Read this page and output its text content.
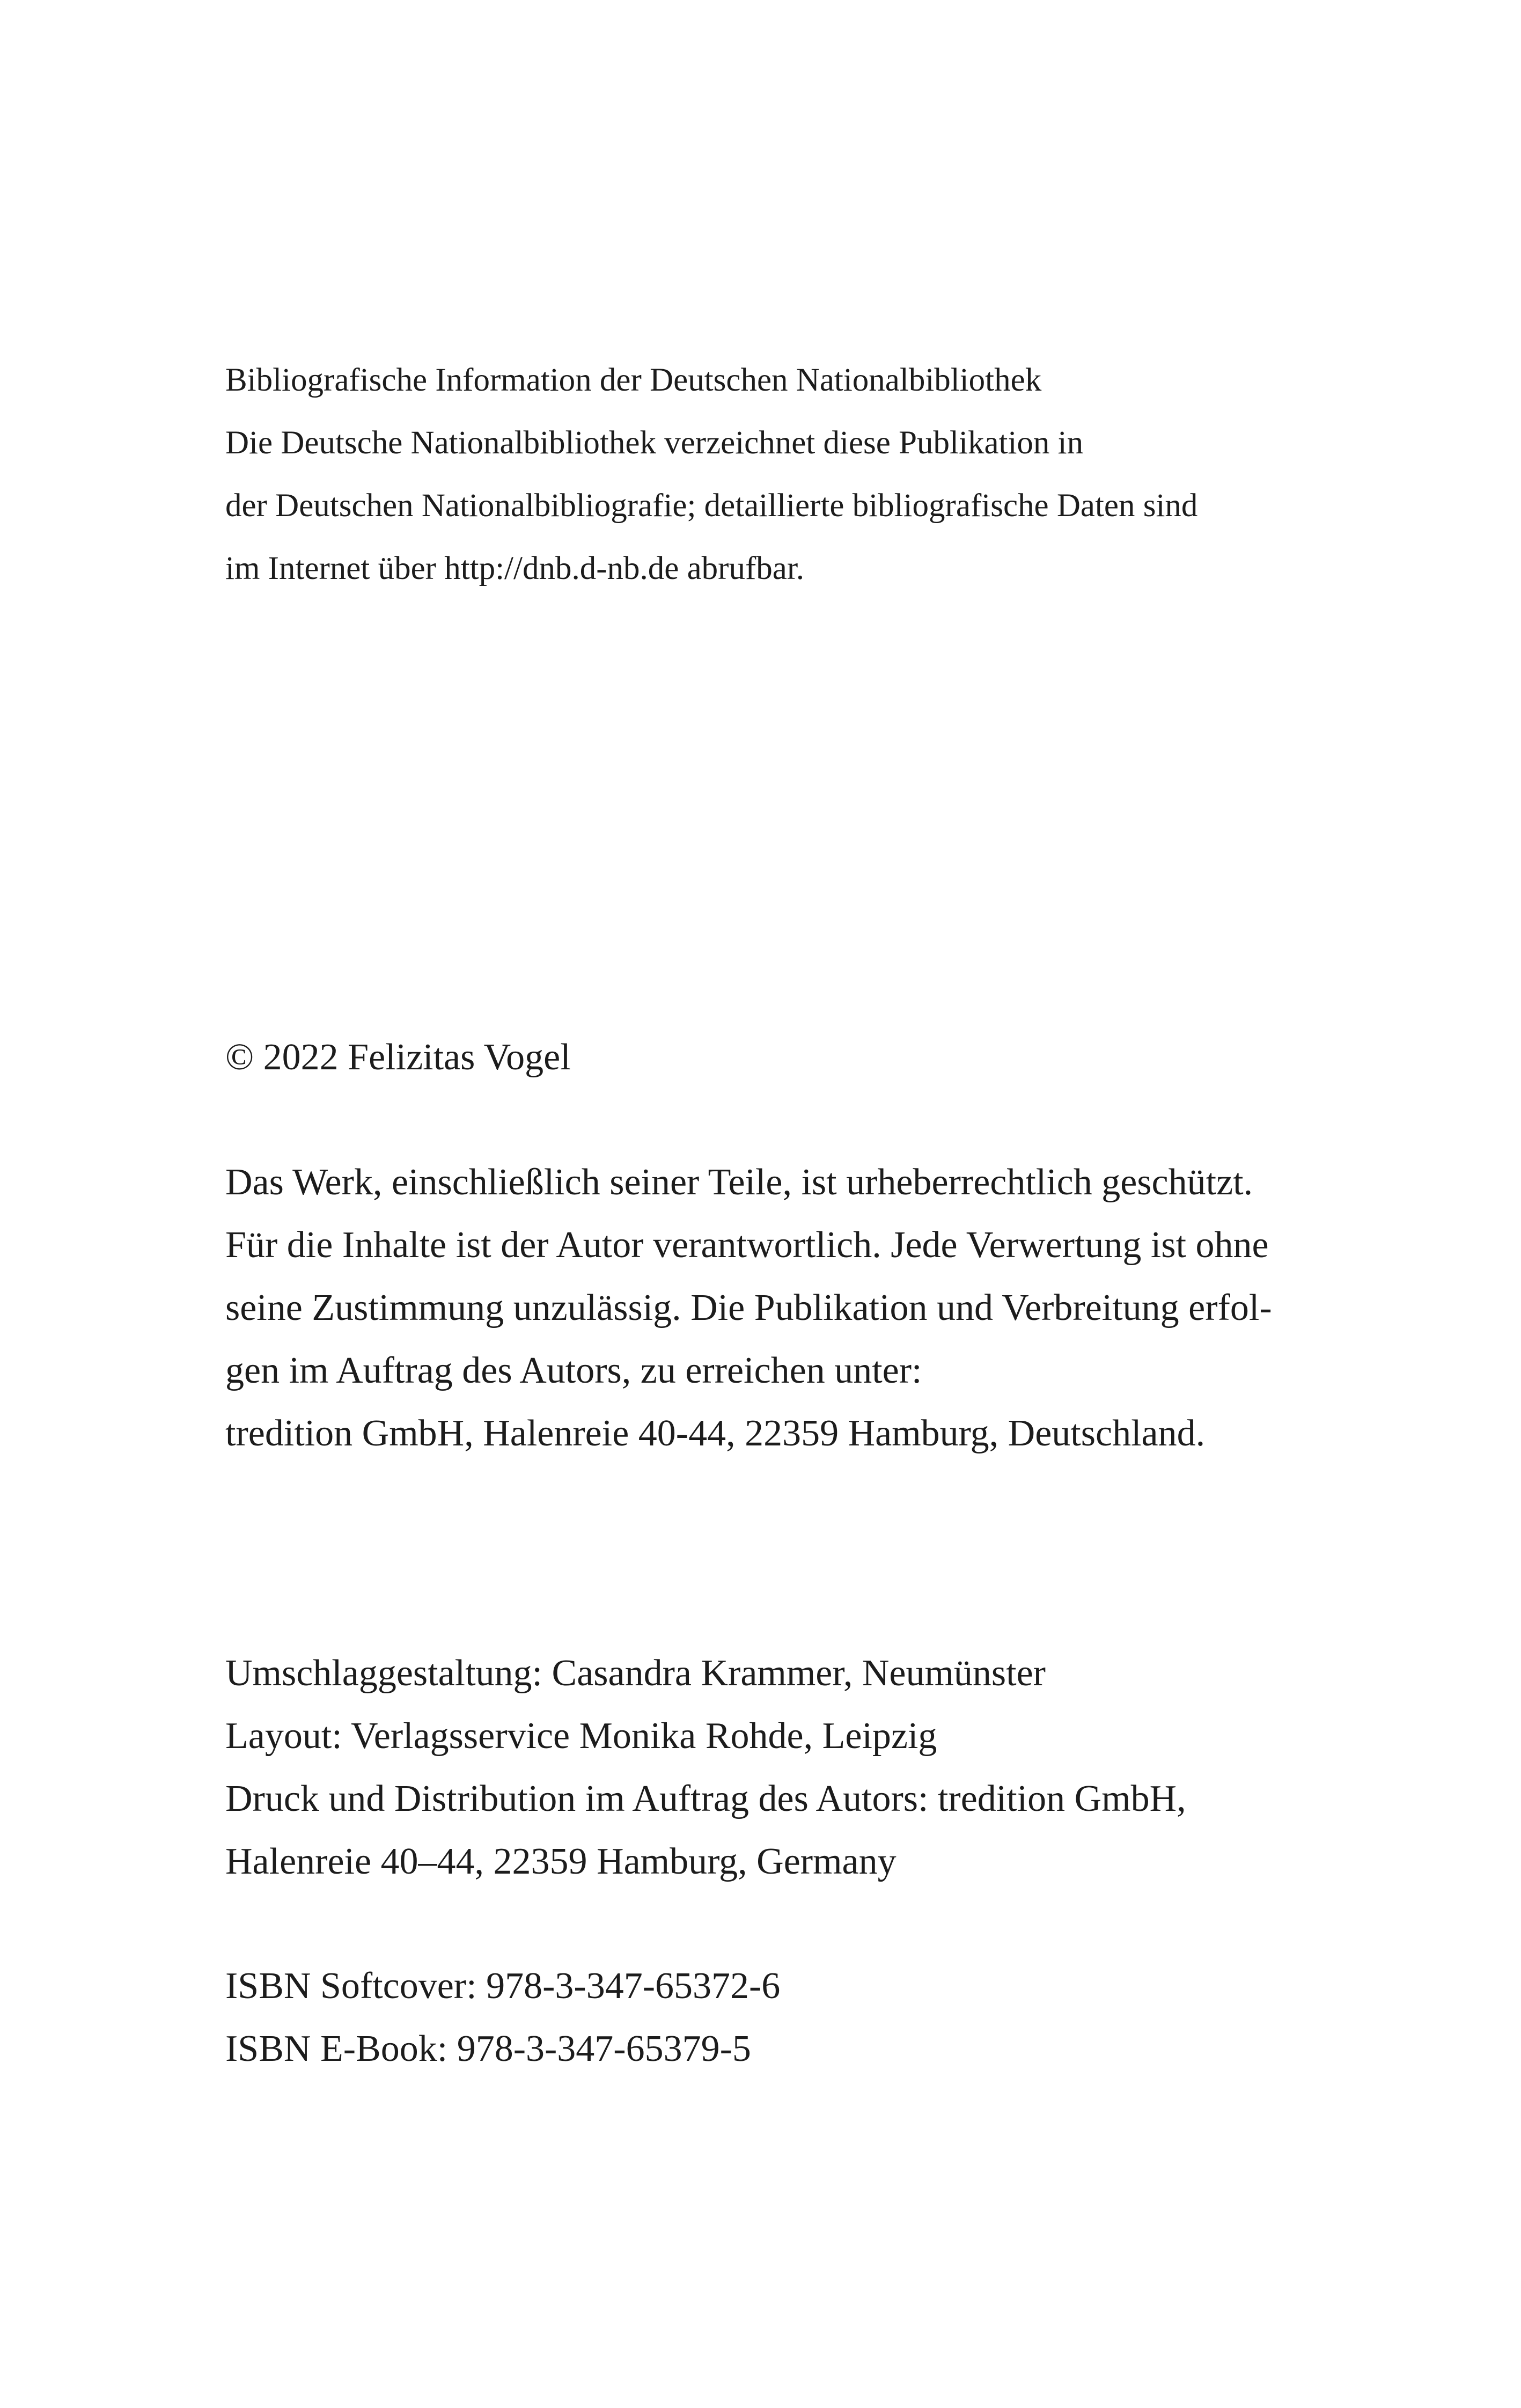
Bibliografische Information der Deutschen Nationalbibliothek
Die Deutsche Nationalbibliothek verzeichnet diese Publikation in
der Deutschen Nationalbibliografie; detaillierte bibliografische Daten sind
im Internet über http://dnb.d-nb.de abrufbar.
© 2022 Felizitas Vogel
Das Werk, einschließlich seiner Teile, ist urheberrechtlich geschützt.
Für die Inhalte ist der Autor verantwortlich. Jede Verwertung ist ohne
seine Zustimmung unzulässig. Die Publikation und Verbreitung erfol-
gen im Auftrag des Autors, zu erreichen unter:
tredition GmbH, Halenreie 40-44, 22359 Hamburg, Deutschland.
Umschlaggestaltung: Casandra Krammer, Neumünster
Layout: Verlagsservice Monika Rohde, Leipzig
Druck und Distribution im Auftrag des Autors: tredition GmbH,
Halenreie 40–44, 22359 Hamburg, Germany
ISBN Softcover: 978-3-347-65372-6
ISBN E-Book: 978-3-347-65379-5
